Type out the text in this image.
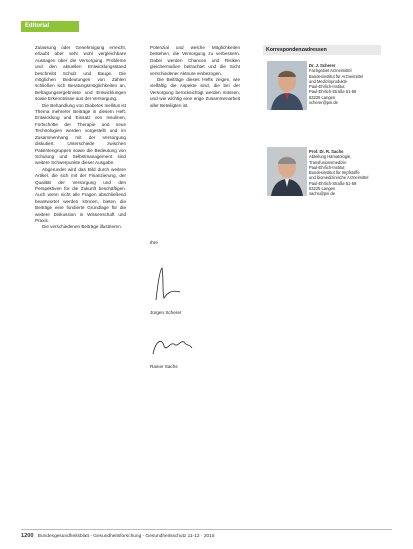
Editorial

Zulassung oder Genehmigung erreicht, erlaubt aber sehr wohl vergleichbare Aussagen über die Versorgung. Probleme und den aktuellen Entwicklungsstand beschreibt Schulz und Bauge. Die möglichen Bedeutungen von Zahlen schließen sich Beratungsmöglichkeiten an, Befragungsergebnisse und Entwicklungen sowie Erkenntnisse aus der Versorgung.

Die Behandlung von Diabetes mellitus ist Thema mehrerer Beiträge in diesem Heft. Entwicklung und Einsatz von Insulinen, Fortschritte der Therapie und neue Technologien werden vorgestellt und im Zusammenhang mit der Versorgung diskutiert. Unterschiede zwischen Patientengruppen sowie die Bedeutung von Schulung und Selbstmanagement sind weitere Schwerpunkte dieser Ausgabe.

Abgerundet wird das Bild durch weitere Artikel, die sich mit der Finanzierung, der Qualität der Versorgung und den Perspektiven für die Zukunft beschäftigen. Auch wenn nicht alle Fragen abschließend beantwortet werden können, bieten die Beiträge eine fundierte Grundlage für die weitere Diskussion in Wissenschaft und Praxis.

Die verschiedenen Beiträge illustrieren.

Potenzial und welche Möglichkeiten bestehen, die Versorgung zu verbessern. Dabei werden Chancen und Risiken gleichermaßen betrachtet und die Sicht verschiedener Akteure einbezogen.

Die Beiträge dieses Hefts zeigen, wie vielfältig die Aspekte sind, die bei der Versorgung berücksichtigt werden müssen, und wie wichtig eine enge Zusammenarbeit aller Beteiligten ist.

Ihre
Jürgen Scherer
Rainer Sachs
Korrespondenzadressen
Dr. J. Scherer
Fachgebiet Arzneimittel
Bundesinstitut für Arzneimittel
und Medizinprodukte
Paul-Ehrlich-Institut
Paul-Ehrlich-Straße 51-59
63225 Langen
scherer@pei.de
Prof. Dr. R. Sachs
Abteilung Hämatologie,
Transfusionsmedizin
Paul-Ehrlich-Institut
Bundesinstitut für Impfstoffe
und biomedizinische Arzneimittel
Paul-Ehrlich-Straße 51-59
63225 Langen
sachs@pei.de
1200 Bundesgesundheitsblatt - Gesundheitsforschung - Gesundheitsschutz 11-12 · 2015
